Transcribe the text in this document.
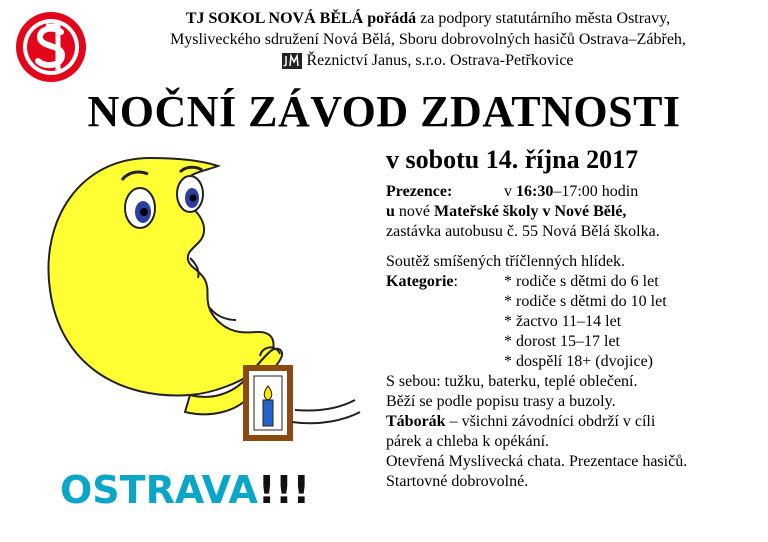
TJ SOKOL NOVÁ BĚLÁ pořádá za podpory statutárního města Ostravy,
Mysliveckého sdružení Nová Bělá, Sboru dobrovolných hasičů Ostrava–Zábřeh,
Řeznictví Janus, s.r.o. Ostrava-Petřkovice
NOČNÍ ZÁVOD ZDATNOSTI
v sobotu 14. října 2017
Prezence:	v 16:30–17:00 hodin
u nové Mateřské školy v Nové Bělé,
zastávka autobusu č. 55 Nová Bělá školka.
Soutěž smíšených tříčlenných hlídek.
Kategorie:	* rodiče s dětmi do 6 let
* rodiče s dětmi do 10 let
* žactvo 11–14 let
* dorost 15–17 let
* dospělí 18+ (dvojice)
S sebou: tužku, baterku, teplé oblečení.
Běží se podle popisu trasy a buzoly.
Táborák – všichni závodníci obdrží v cíli
párek a chleba k opékání.
Otevřená Myslivecká chata. Prezentace hasičů.
Startovné dobrovolné.
OSTRAVA!!!
